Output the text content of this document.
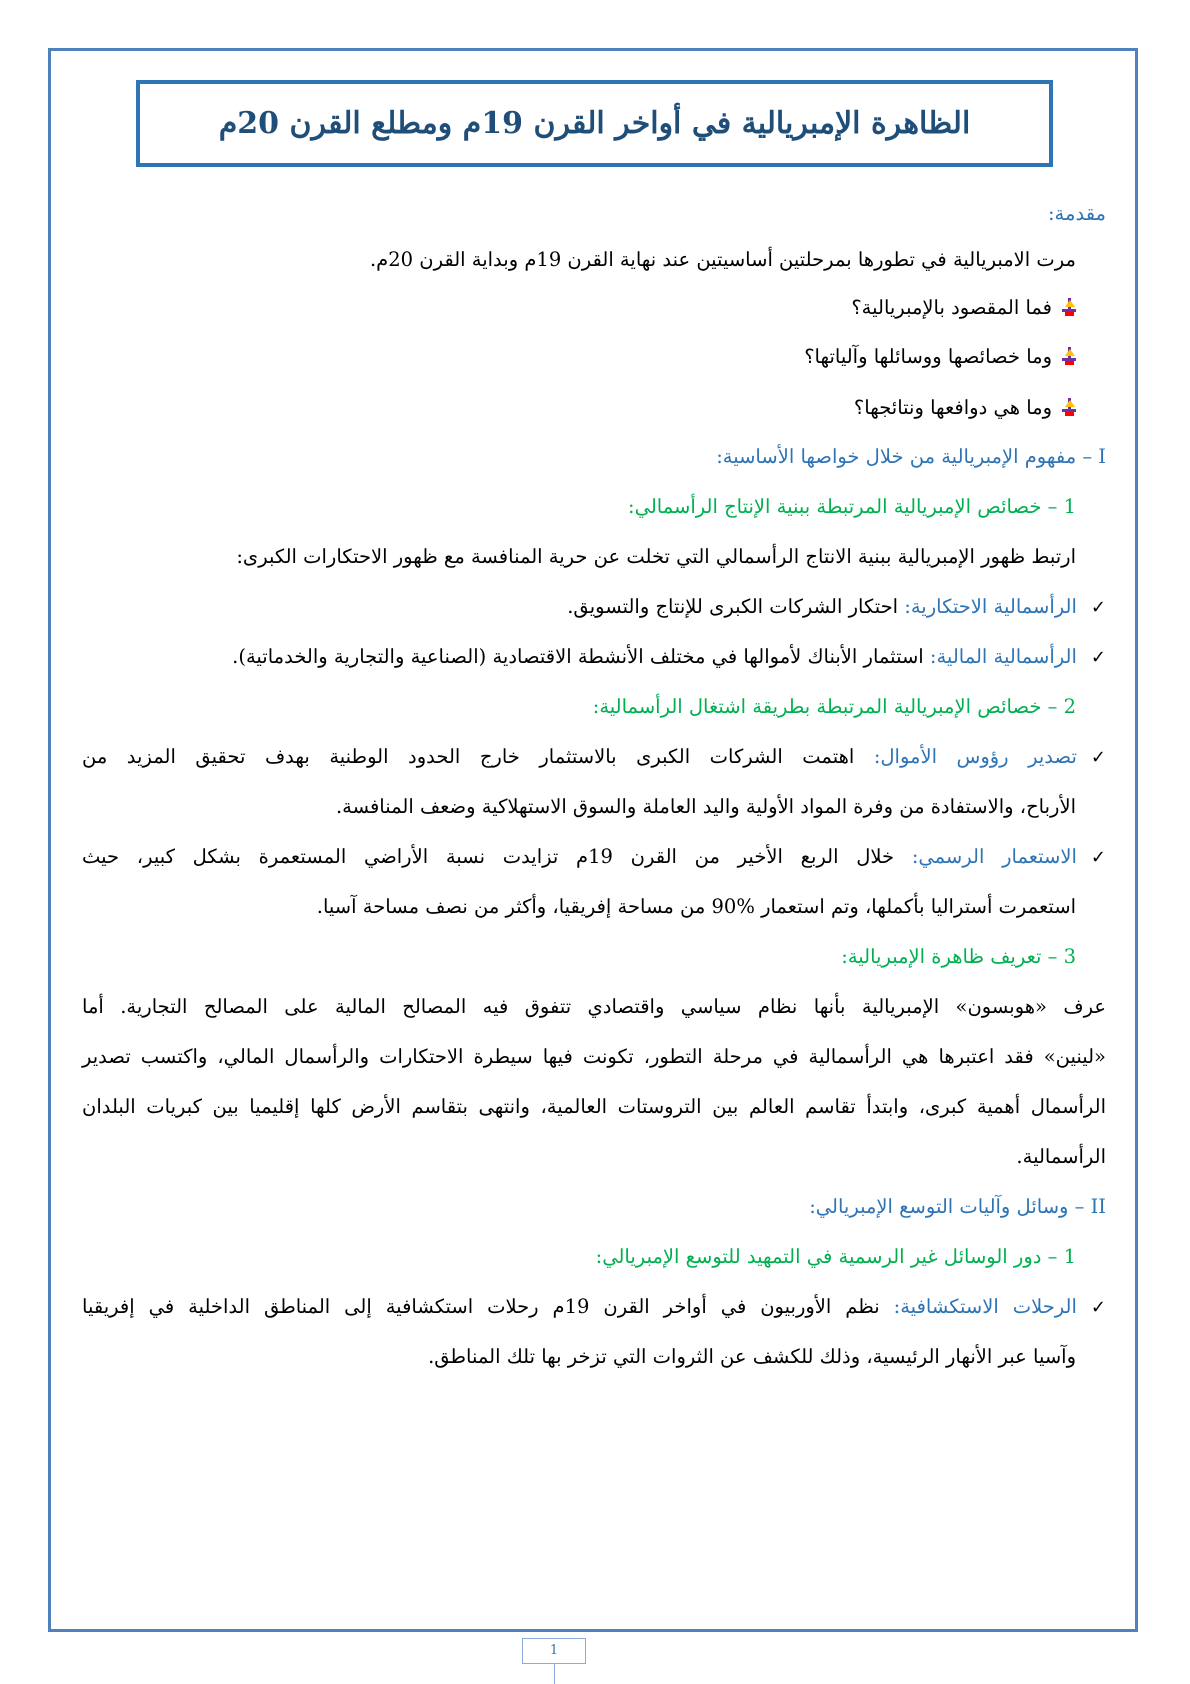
الظاهرة الإمبريالية في أواخر القرن 19م ومطلع القرن 20م
مقدمة:
مرت الامبريالية في تطورها بمرحلتين أساسيتين عند نهاية القرن 19م وبداية القرن 20م.
فما المقصود بالإمبريالية؟
وما خصائصها ووسائلها وآلياتها؟
وما هي دوافعها ونتائجها؟
I – مفهوم الإمبريالية من خلال خواصها الأساسية:
1 – خصائص الإمبريالية المرتبطة ببنية الإنتاج الرأسمالي:
ارتبط ظهور الإمبريالية ببنية الانتاج الرأسمالي التي تخلت عن حرية المنافسة مع ظهور الاحتكارات الكبرى:
✓الرأسمالية الاحتكارية: احتكار الشركات الكبرى للإنتاج والتسويق.
✓الرأسمالية المالية: استثمار الأبناك لأموالها في مختلف الأنشطة الاقتصادية (الصناعية والتجارية والخدماتية).
2 – خصائص الإمبريالية المرتبطة بطريقة اشتغال الرأسمالية:
✓تصدير رؤوس الأموال: اهتمت الشركات الكبرى بالاستثمار خارج الحدود الوطنية بهدف تحقيق المزيد من
الأرباح، والاستفادة من وفرة المواد الأولية واليد العاملة والسوق الاستهلاكية وضعف المنافسة.
✓الاستعمار الرسمي: خلال الربع الأخير من القرن 19م تزايدت نسبة الأراضي المستعمرة بشكل كبير، حيث
استعمرت أستراليا بأكملها، وتم استعمار %90 من مساحة إفريقيا، وأكثر من نصف مساحة آسيا.
3 – تعريف ظاهرة الإمبريالية:
عرف «هوبسون» الإمبريالية بأنها نظام سياسي واقتصادي تتفوق فيه المصالح المالية على المصالح التجارية. أما
«لينين» فقد اعتبرها هي الرأسمالية في مرحلة التطور، تكونت فيها سيطرة الاحتكارات والرأسمال المالي، واكتسب تصدير
الرأسمال أهمية كبرى، وابتدأ تقاسم العالم بين التروستات العالمية، وانتهى بتقاسم الأرض كلها إقليميا بين كبريات البلدان
الرأسمالية.
II – وسائل وآليات التوسع الإمبريالي:
1 – دور الوسائل غير الرسمية في التمهيد للتوسع الإمبريالي:
✓الرحلات الاستكشافية: نظم الأوربيون في أواخر القرن 19م رحلات استكشافية إلى المناطق الداخلية في إفريقيا
وآسيا عبر الأنهار الرئيسية، وذلك للكشف عن الثروات التي تزخر بها تلك المناطق.
1
